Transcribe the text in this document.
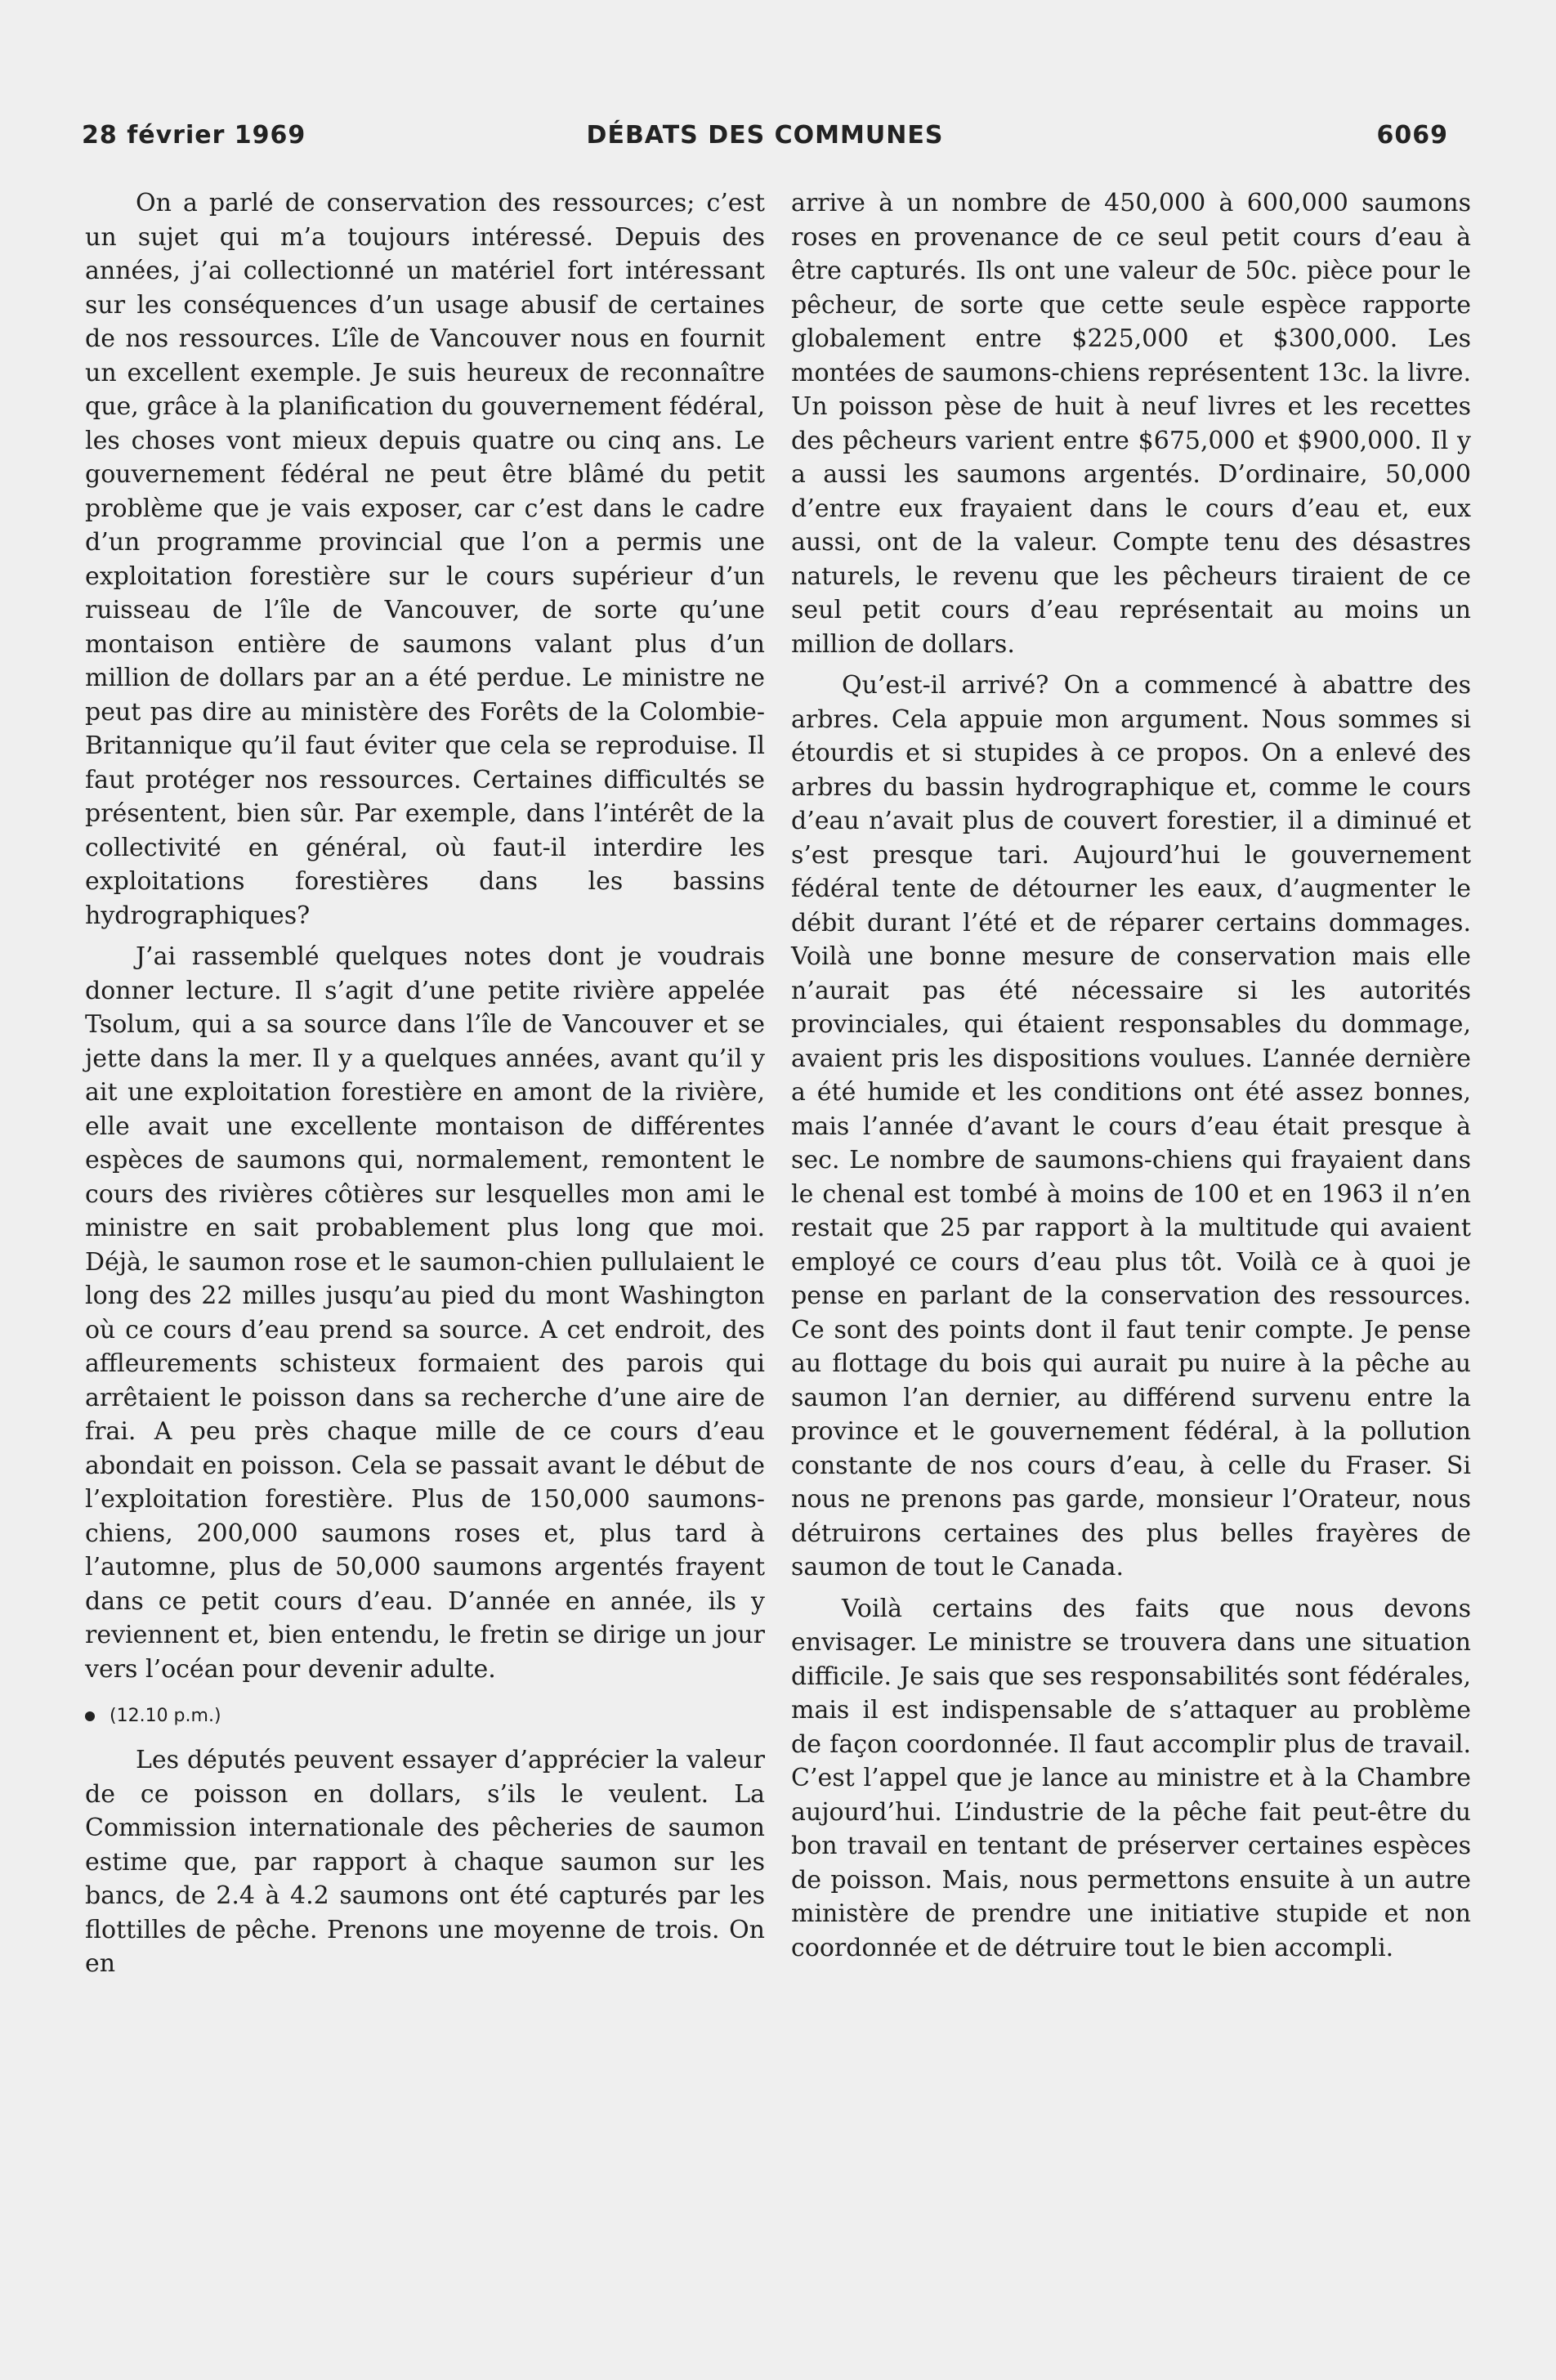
28 février 1969	DÉBATS DES COMMUNES	6069

On a parlé de conservation des ressources; c’est un sujet qui m’a toujours intéressé. Depuis des années, j’ai collectionné un matériel fort intéressant sur les conséquences d’un usage abusif de certaines de nos ressources. L’île de Vancouver nous en fournit un excellent exemple. Je suis heureux de reconnaître que, grâce à la planification du gouvernement fédéral, les choses vont mieux depuis quatre ou cinq ans. Le gouvernement fédéral ne peut être blâmé du petit problème que je vais exposer, car c’est dans le cadre d’un programme provincial que l’on a permis une exploitation forestière sur le cours supérieur d’un ruisseau de l’île de Vancouver, de sorte qu’une montaison entière de saumons valant plus d’un million de dollars par an a été perdue. Le ministre ne peut pas dire au ministère des Forêts de la Colombie-Britannique qu’il faut éviter que cela se reproduise. Il faut protéger nos ressources. Certaines difficultés se présentent, bien sûr. Par exemple, dans l’intérêt de la collectivité en général, où faut-il interdire les exploitations forestières dans les bassins hydrographiques?

J’ai rassemblé quelques notes dont je voudrais donner lecture. Il s’agit d’une petite rivière appelée Tsolum, qui a sa source dans l’île de Vancouver et se jette dans la mer. Il y a quelques années, avant qu’il y ait une exploitation forestière en amont de la rivière, elle avait une excellente montaison de différentes espèces de saumons qui, normalement, remontent le cours des rivières côtières sur lesquelles mon ami le ministre en sait probablement plus long que moi. Déjà, le saumon rose et le saumon-chien pullulaient le long des 22 milles jusqu’au pied du mont Washington où ce cours d’eau prend sa source. A cet endroit, des affleurements schisteux formaient des parois qui arrêtaient le poisson dans sa recherche d’une aire de frai. A peu près chaque mille de ce cours d’eau abondait en poisson. Cela se passait avant le début de l’exploitation forestière. Plus de 150,000 saumons-chiens, 200,000 saumons roses et, plus tard à l’automne, plus de 50,000 saumons argentés frayent dans ce petit cours d’eau. D’année en année, ils y reviennent et, bien entendu, le fretin se dirige un jour vers l’océan pour devenir adulte.

(12.10 p.m.)

Les députés peuvent essayer d’apprécier la valeur de ce poisson en dollars, s’ils le veulent. La Commission internationale des pêcheries de saumon estime que, par rapport à chaque saumon sur les bancs, de 2.4 à 4.2 saumons ont été capturés par les flottilles de pêche. Prenons une moyenne de trois. On en

arrive à un nombre de 450,000 à 600,000 saumons roses en provenance de ce seul petit cours d’eau à être capturés. Ils ont une valeur de 50c. pièce pour le pêcheur, de sorte que cette seule espèce rapporte globalement entre $225,000 et $300,000. Les montées de saumons-chiens représentent 13c. la livre. Un poisson pèse de huit à neuf livres et les recettes des pêcheurs varient entre $675,000 et $900,000. Il y a aussi les saumons argentés. D’ordinaire, 50,000 d’entre eux frayaient dans le cours d’eau et, eux aussi, ont de la valeur. Compte tenu des désastres naturels, le revenu que les pêcheurs tiraient de ce seul petit cours d’eau représentait au moins un million de dollars.

Qu’est-il arrivé? On a commencé à abattre des arbres. Cela appuie mon argument. Nous sommes si étourdis et si stupides à ce propos. On a enlevé des arbres du bassin hydrographique et, comme le cours d’eau n’avait plus de couvert forestier, il a diminué et s’est presque tari. Aujourd’hui le gouvernement fédéral tente de détourner les eaux, d’augmenter le débit durant l’été et de réparer certains dommages. Voilà une bonne mesure de conservation mais elle n’aurait pas été nécessaire si les autorités provinciales, qui étaient responsables du dommage, avaient pris les dispositions voulues. L’année dernière a été humide et les conditions ont été assez bonnes, mais l’année d’avant le cours d’eau était presque à sec. Le nombre de saumons-chiens qui frayaient dans le chenal est tombé à moins de 100 et en 1963 il n’en restait que 25 par rapport à la multitude qui avaient employé ce cours d’eau plus tôt. Voilà ce à quoi je pense en parlant de la conservation des ressources. Ce sont des points dont il faut tenir compte. Je pense au flottage du bois qui aurait pu nuire à la pêche au saumon l’an dernier, au différend survenu entre la province et le gouvernement fédéral, à la pollution constante de nos cours d’eau, à celle du Fraser. Si nous ne prenons pas garde, monsieur l’Orateur, nous détruirons certaines des plus belles frayères de saumon de tout le Canada.

Voilà certains des faits que nous devons envisager. Le ministre se trouvera dans une situation difficile. Je sais que ses responsabilités sont fédérales, mais il est indispensable de s’attaquer au problème de façon coordonnée. Il faut accomplir plus de travail. C’est l’appel que je lance au ministre et à la Chambre aujourd’hui. L’industrie de la pêche fait peut-être du bon travail en tentant de préserver certaines espèces de poisson. Mais, nous permettons ensuite à un autre ministère de prendre une initiative stupide et non coordonnée et de détruire tout le bien accompli.
